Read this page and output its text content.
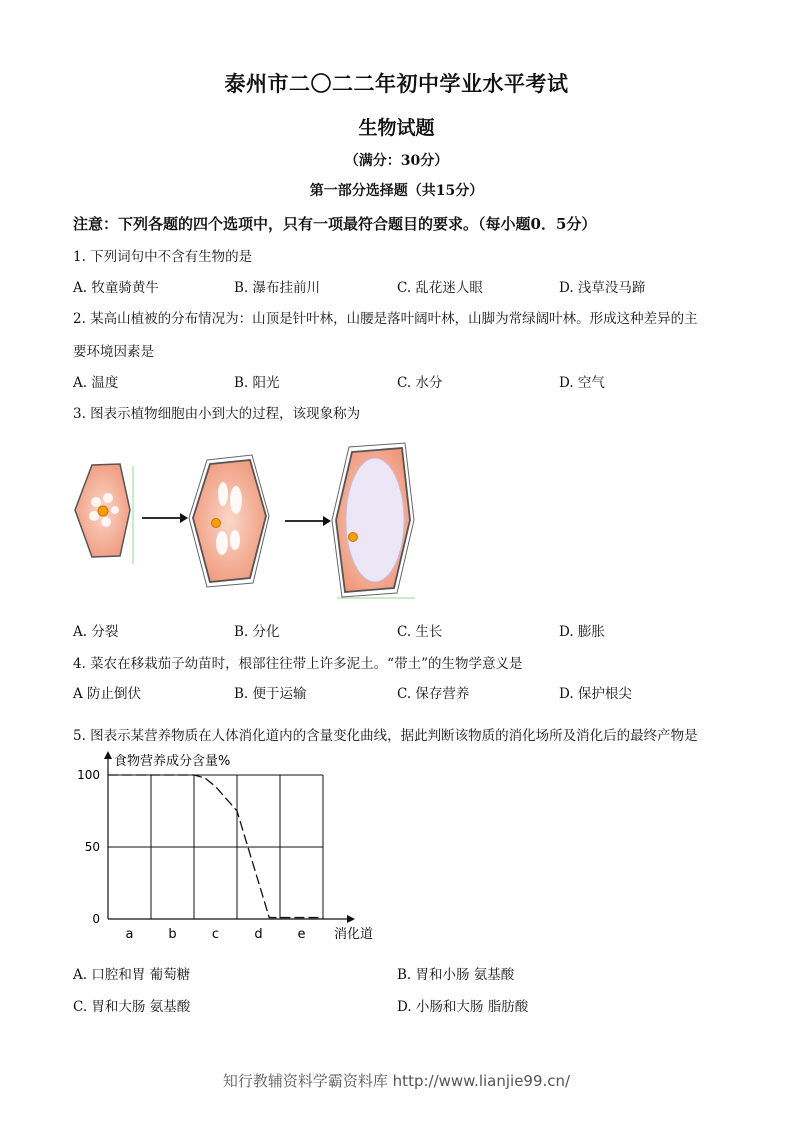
泰州市二〇二二年初中学业水平考试
生物试题
（满分：30分）
第一部分选择题（共15分）
注意：下列各题的四个选项中，只有一项最符合题目的要求。（每小题0．5分）
1. 下列词句中不含有生物的是
A. 牧童骑黄牛	B. 瀑布挂前川	C. 乱花迷人眼	D. 浅草没马蹄
2. 某高山植被的分布情况为：山顶是针叶林，山腰是落叶阔叶林，山脚为常绿阔叶林。形成这种差异的主
要环境因素是
A. 温度	B. 阳光	C. 水分	D. 空气
3. 图表示植物细胞由小到大的过程，该现象称为
A. 分裂	B. 分化	C. 生长	D. 膨胀
4. 菜农在移栽茄子幼苗时，根部往往带上许多泥土。“带土”的生物学意义是
A 防止倒伏	B. 便于运输	C. 保存营养	D. 保护根尖
5. 图表示某营养物质在人体消化道内的含量变化曲线，据此判断该物质的消化场所及消化后的最终产物是
食物营养成分含量%
消化道
0
50
100
a	b	c	d	e
A. 口腔和胃 葡萄糖	B. 胃和小肠 氨基酸
C. 胃和大肠 氨基酸	D. 小肠和大肠 脂肪酸
知行教辅资料学霸资料库 http://www.lianjie99.cn/
